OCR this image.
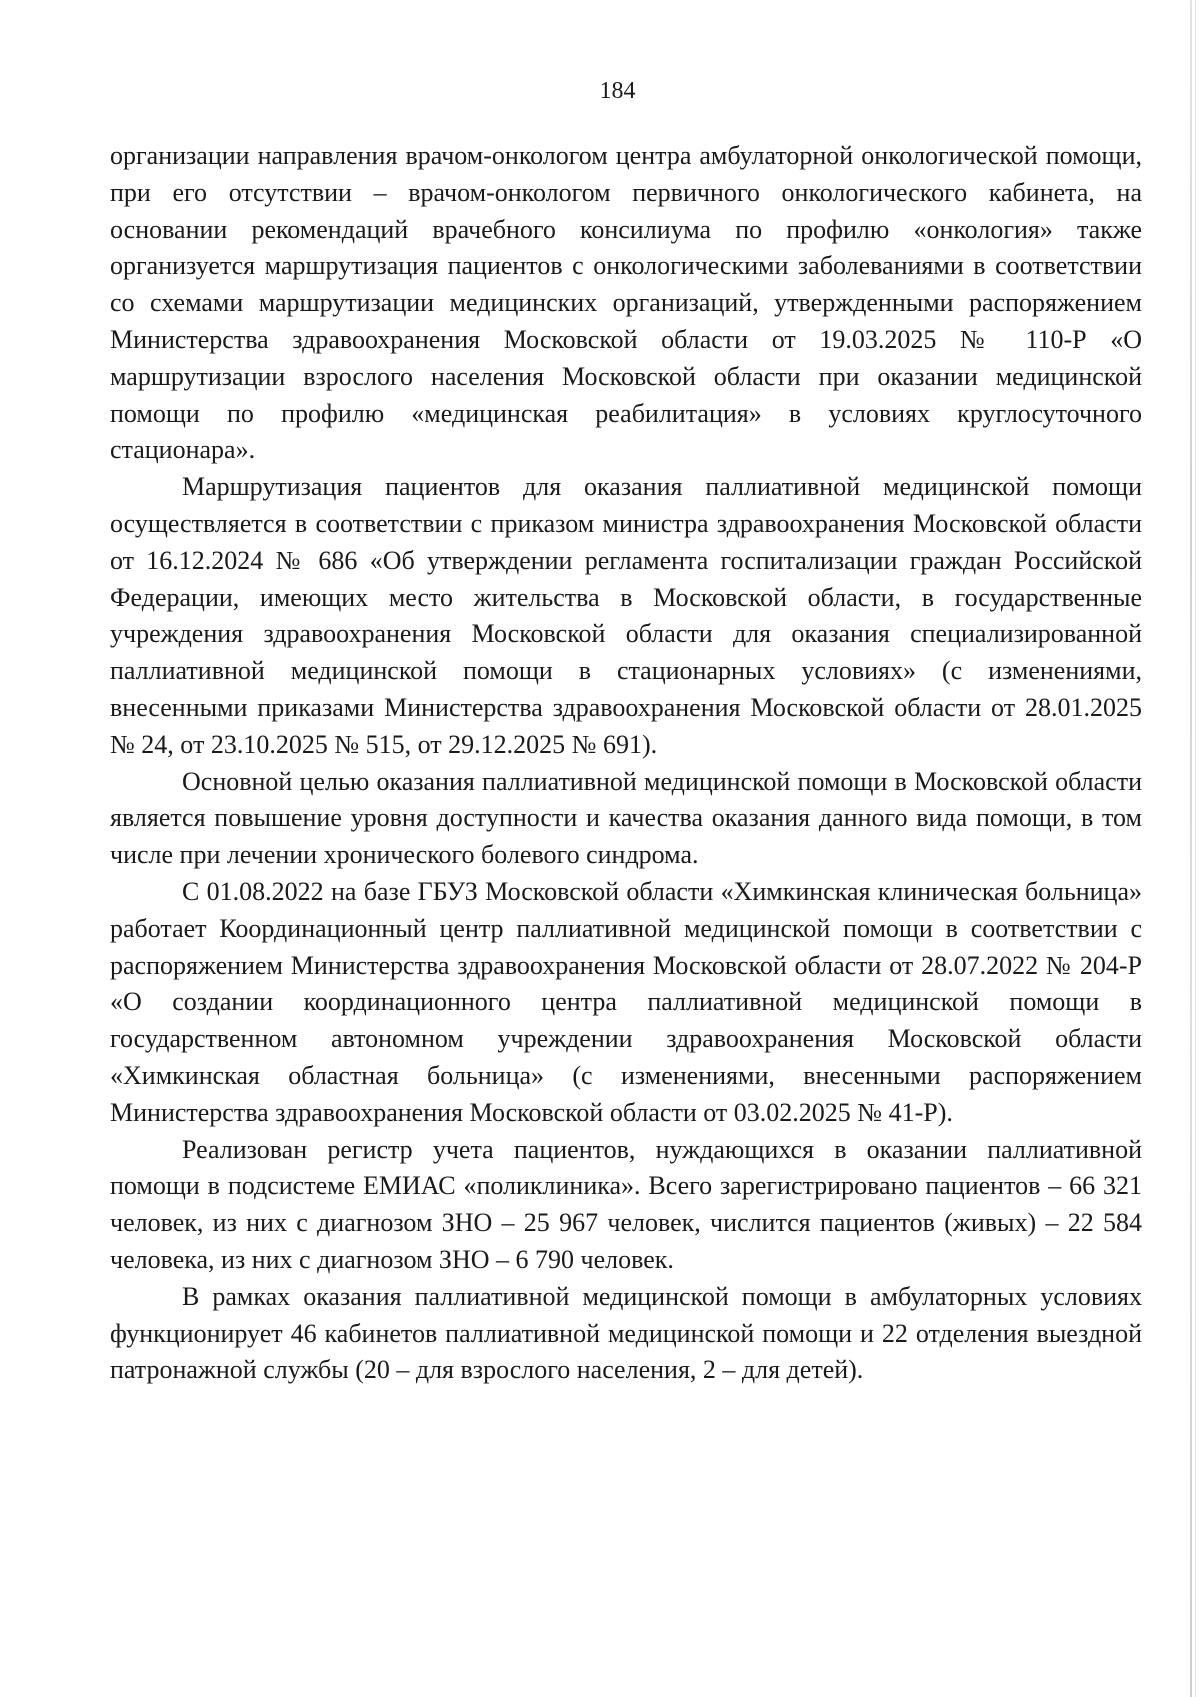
184

организации направления врачом-онкологом центра амбулаторной онкологической помощи, при его отсутствии – врачом-онкологом первичного онкологического кабинета, на основании рекомендаций врачебного консилиума по профилю «онкология» также организуется маршрутизация пациентов с онкологическими заболеваниями в соответствии со схемами маршрутизации медицинских организаций, утвержденными распоряжением Министерства здравоохранения Московской области от 19.03.2025 № 110-Р «О маршрутизации взрослого населения Московской области при оказании медицинской помощи по профилю «медицинская реабилитация» в условиях круглосуточного стационара».

Маршрутизация пациентов для оказания паллиативной медицинской помощи осуществляется в соответствии с приказом министра здравоохранения Московской области от 16.12.2024 № 686 «Об утверждении регламента госпитализации граждан Российской Федерации, имеющих место жительства в Московской области, в государственные учреждения здравоохранения Московской области для оказания специализированной паллиативной медицинской помощи в стационарных условиях» (с изменениями, внесенными приказами Министерства здравоохранения Московской области от 28.01.2025 № 24, от 23.10.2025 № 515, от 29.12.2025 № 691).

Основной целью оказания паллиативной медицинской помощи в Московской области является повышение уровня доступности и качества оказания данного вида помощи, в том числе при лечении хронического болевого синдрома.

С 01.08.2022 на базе ГБУЗ Московской области «Химкинская клиническая больница» работает Координационный центр паллиативной медицинской помощи в соответствии с распоряжением Министерства здравоохранения Московской области от 28.07.2022 № 204-Р «О создании координационного центра паллиативной медицинской помощи в государственном автономном учреждении здравоохранения Московской области «Химкинская областная больница» (с изменениями, внесенными распоряжением Министерства здравоохранения Московской области от 03.02.2025 № 41-Р).

Реализован регистр учета пациентов, нуждающихся в оказании паллиативной помощи в подсистеме ЕМИАС «поликлиника». Всего зарегистрировано пациентов – 66 321 человек, из них с диагнозом ЗНО – 25 967 человек, числится пациентов (живых) – 22 584 человека, из них с диагнозом ЗНО – 6 790 человек.

В рамках оказания паллиативной медицинской помощи в амбулаторных условиях функционирует 46 кабинетов паллиативной медицинской помощи и 22 отделения выездной патронажной службы (20 – для взрослого населения, 2 – для детей).
